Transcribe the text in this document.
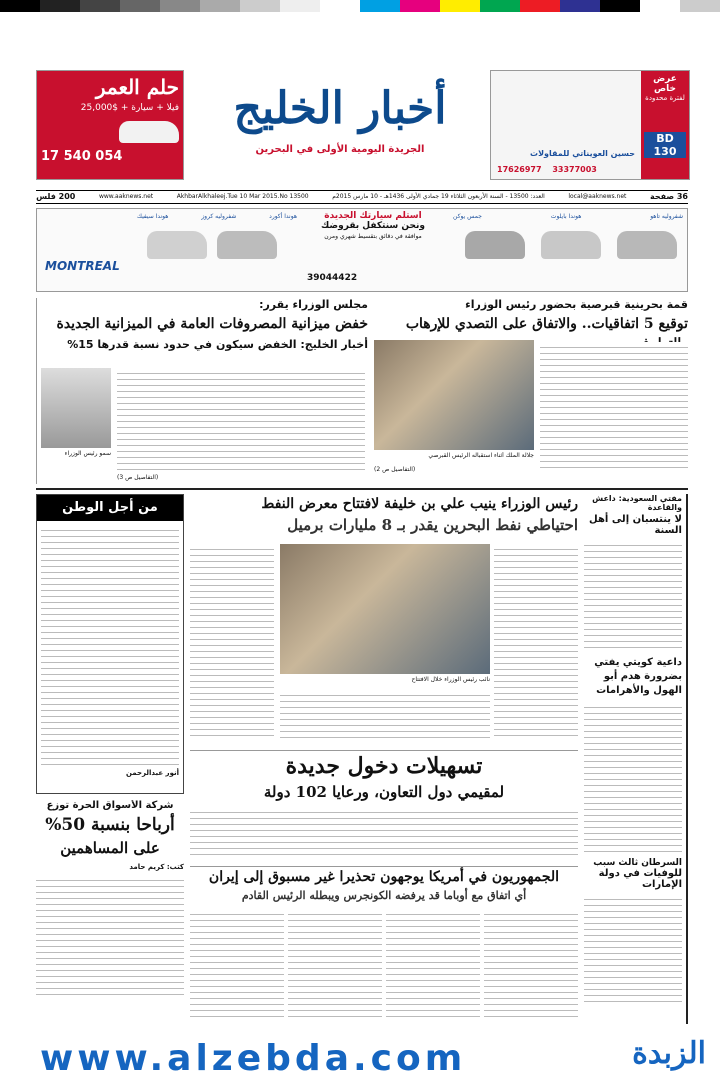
حلم العمر
فيلا + سيارة + $25,000
17 540 054
أخبار الخليج
الجريدة اليومية الأولى في البحرين
عرض خاص
لفترة محدودة
BD 130
حسين العويناتي للمقاولات
17626977 33377003
36 صفحة
local@aaknews.net
العدد: 13500 - السنة الأربعون الثلاثاء 19 جمادي الأولى 1436هـ - 10 مارس 2015م
AkhbarAlkhaleej.Tue 10 Mar 2015.No 13500
www.aaknews.net
200 فلس
استلم سيارتك الجديدة
ونحن سنتكفل بقروضك
موافقة في دقائق بتقسيط شهري ومرن
شفروليه تاهو
هوندا بايلوت
جمس يوكن
هوندا أكورد
شفروليه كروز
هوندا سيفيك
MONTREAL
39044422
قمة بحرينية قبرصية بحضور رئيس الوزراء
توقيع 5 اتفاقيات.. والاتفاق على التصدي للإرهاب
جلالة الملك أثناء استقباله الرئيس القبرصي
(التفاصيل ص 2)
مجلس الوزراء يقرر:
خفض ميزانية المصروفات العامة في الميزانية الجديدة
أخبار الخليج: الخفض سيكون في حدود نسبة قدرها 15%
سمو رئيس الوزراء
(التفاصيل ص 3)
مفتي السعودية: داعش والقاعدة
لا ينتسبان إلى أهل السنة
داعية كويتي يفتي بضرورة هدم أبو الهول والأهرامات
السرطان ثالث سبب
للوفيات في دولة الإمارات
رئيس الوزراء ينيب علي بن خليفة لافتتاح معرض النفط
احتياطي نفط البحرين يقدر بـ 8 مليارات برميل
نائب رئيس الوزراء خلال الافتتاح
من أجل الوطن
أنور عبدالرحمن	تسهيلات دخول جديدة
لمقيمي دول التعاون، ورعايا 102 دولة
شركة الأسواق الحرة توزع
أرباحا بنسبة 50%
على المساهمين
كتب: كريم حامد
الجمهوريون في أمريكا يوجهون تحذيرا غير مسبوق إلى إيران
أي اتفاق مع أوباما قد يرفضه الكونجرس ويبطله الرئيس القادم
www.alzebda.com	الزبدة
